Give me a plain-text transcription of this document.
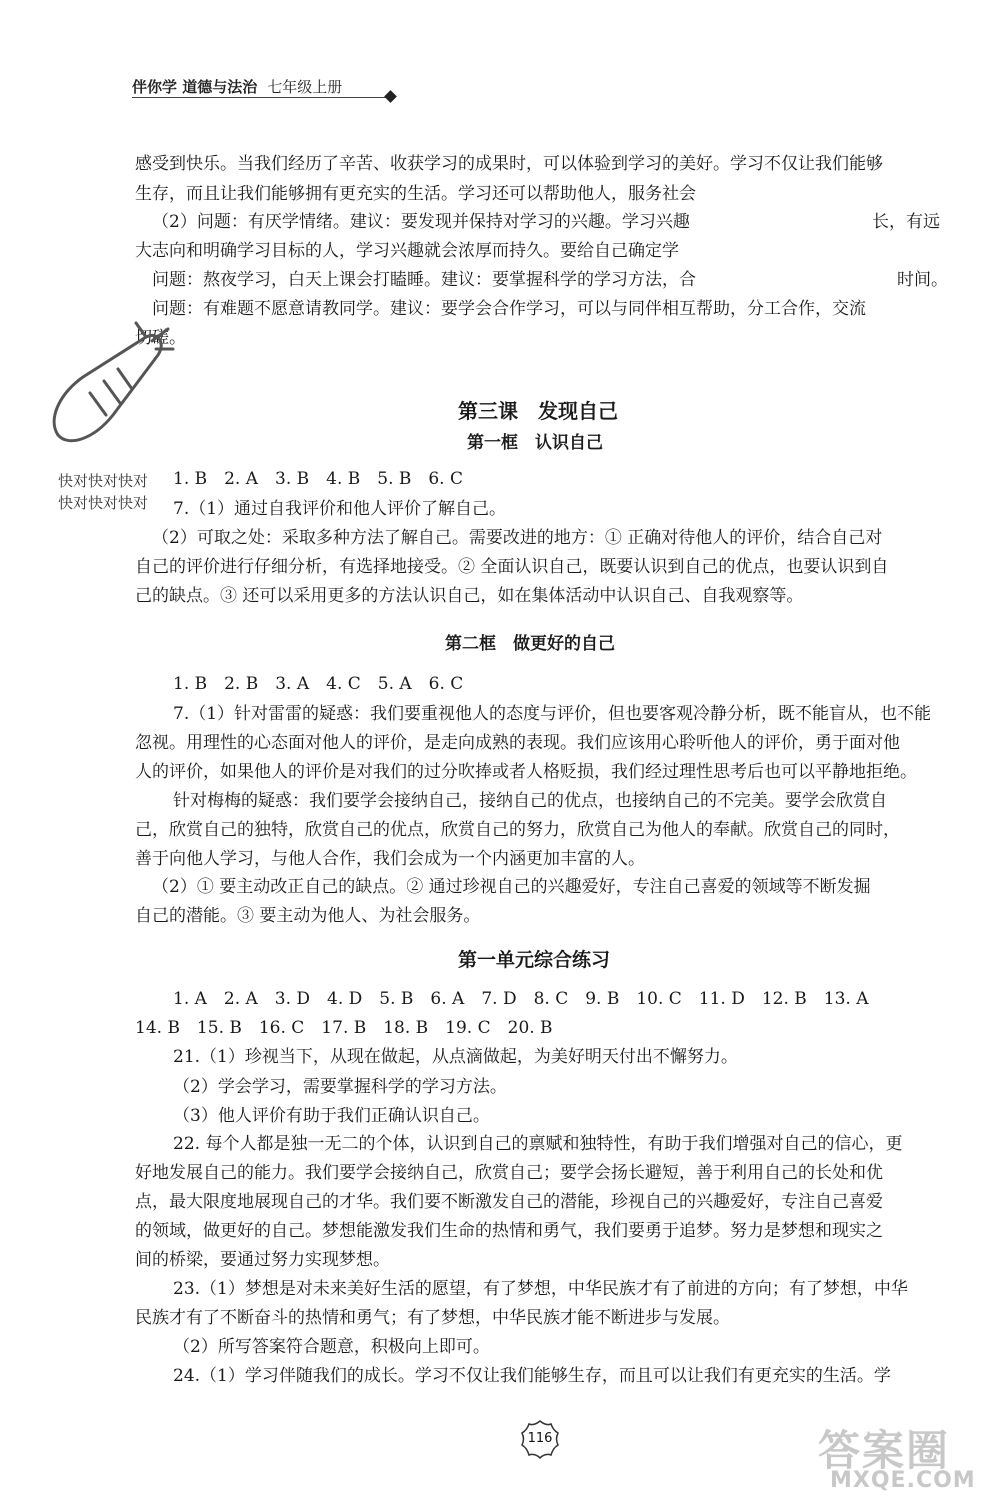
伴你学 道德与法治 七年级上册
感受到快乐。当我们经历了辛苦、收获学习的成果时，可以体验到学习的美好。学习不仅让我们能够
生存，而且让我们能够拥有更充实的生活。学习还可以帮助他人，服务社会
（2）问题：有厌学情绪。建议：要发现并保持对学习的兴趣。学习兴趣	长，有远
大志向和明确学习目标的人，学习兴趣就会浓厚而持久。要给自己确定学
问题：熬夜学习，白天上课会打瞌睡。建议：要掌握科学的学习方法，合	时间。
问题：有难题不愿意请教同学。建议：要学会合作学习，可以与同伴相互帮助，分工合作，交流
切磋。
快对快对快对
快对快对快对
第三课　发现自己
第一框　认识自己
1. B　2. A　3. B　4. B　5. B　6. C
7.（1）通过自我评价和他人评价了解自己。
（2）可取之处：采取多种方法了解自己。需要改进的地方：① 正确对待他人的评价，结合自己对
自己的评价进行仔细分析，有选择地接受。② 全面认识自己，既要认识到自己的优点，也要认识到自
己的缺点。③ 还可以采用更多的方法认识自己，如在集体活动中认识自己、自我观察等。
第二框　做更好的自己
1. B　2. B　3. A　4. C　5. A　6. C
7.（1）针对雷雷的疑惑：我们要重视他人的态度与评价，但也要客观冷静分析，既不能盲从，也不能
忽视。用理性的心态面对他人的评价，是走向成熟的表现。我们应该用心聆听他人的评价，勇于面对他
人的评价，如果他人的评价是对我们的过分吹捧或者人格贬损，我们经过理性思考后也可以平静地拒绝。
针对梅梅的疑惑：我们要学会接纳自己，接纳自己的优点，也接纳自己的不完美。要学会欣赏自
己，欣赏自己的独特，欣赏自己的优点，欣赏自己的努力，欣赏自己为他人的奉献。欣赏自己的同时，
善于向他人学习，与他人合作，我们会成为一个内涵更加丰富的人。
（2）① 要主动改正自己的缺点。② 通过珍视自己的兴趣爱好，专注自己喜爱的领域等不断发掘
自己的潜能。③ 要主动为他人、为社会服务。
第一单元综合练习
1. A　2. A　3. D　4. D　5. B　6. A　7. D　8. C　9. B　10. C　11. D　12. B　13. A
14. B　15. B　16. C　17. B　18. B　19. C　20. B
21.（1）珍视当下，从现在做起，从点滴做起，为美好明天付出不懈努力。
（2）学会学习，需要掌握科学的学习方法。
（3）他人评价有助于我们正确认识自己。
22. 每个人都是独一无二的个体，认识到自己的禀赋和独特性，有助于我们增强对自己的信心，更
好地发展自己的能力。我们要学会接纳自己，欣赏自己；要学会扬长避短，善于利用自己的长处和优
点，最大限度地展现自己的才华。我们要不断激发自己的潜能，珍视自己的兴趣爱好，专注自己喜爱
的领域，做更好的自己。梦想能激发我们生命的热情和勇气，我们要勇于追梦。努力是梦想和现实之
间的桥梁，要通过努力实现梦想。
23.（1）梦想是对未来美好生活的愿望，有了梦想，中华民族才有了前进的方向；有了梦想，中华
民族才有了不断奋斗的热情和勇气；有了梦想，中华民族才能不断进步与发展。
（2）所写答案符合题意，积极向上即可。
24.（1）学习伴随我们的成长。学习不仅让我们能够生存，而且可以让我们有更充实的生活。学
116	答案圈
MXQE.COM
